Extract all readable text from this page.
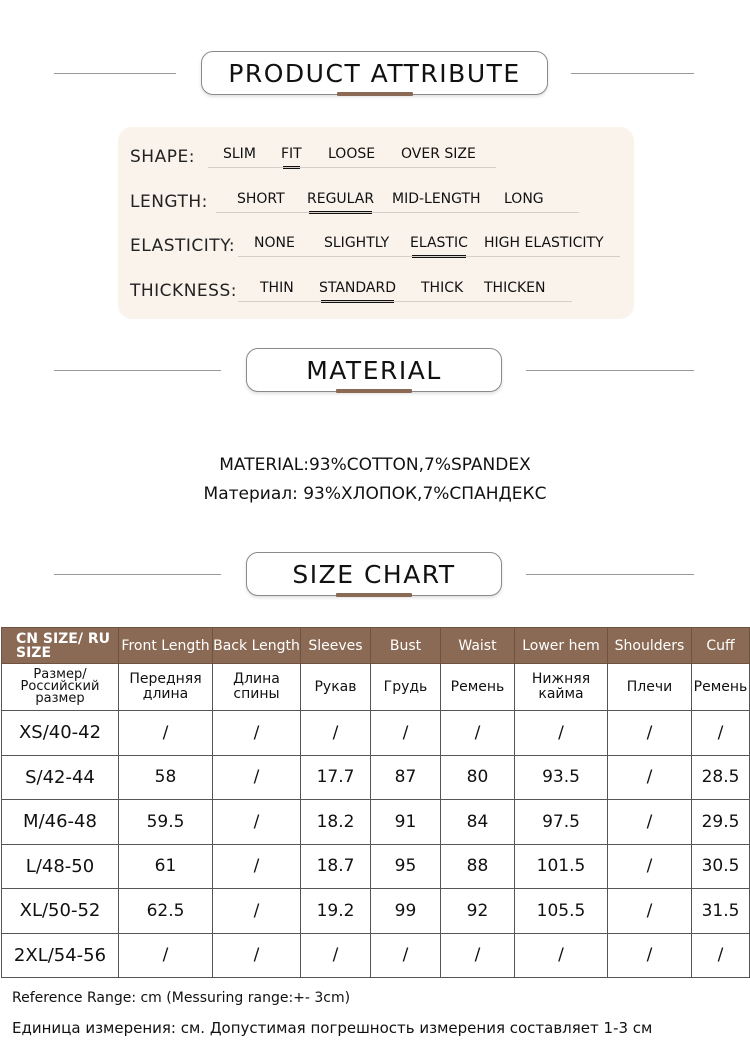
PRODUCT ATTRIBUTE
SHAPE: SLIM FIT LOOSE OVER SIZE
LENGTH: SHORT REGULAR MID-LENGTH LONG
ELASTICITY: NONE SLIGHTLY ELASTIC HIGH ELASTICITY
THICKNESS: THIN STANDARD THICK THICKEN
MATERIAL
MATERIAL:93%COTTON,7%SPANDEX
Материал: 93%ХЛОПОК,7%СПАНДЕКС
SIZE CHART
CN SIZE/ RU SIZE	Front Length	Back Length	Sleeves	Bust	Waist	Lower hem	Shoulders	Cuff
Размер/ Российский размер	Передняя длина	Длина спины	Рукав	Грудь	Ремень	Нижняя кайма	Плечи	Ремень
XS/40-42	/	/	/	/	/	/	/	/
S/42-44	58	/	17.7	87	80	93.5	/	28.5
M/46-48	59.5	/	18.2	91	84	97.5	/	29.5
L/48-50	61	/	18.7	95	88	101.5	/	30.5
XL/50-52	62.5	/	19.2	99	92	105.5	/	31.5
2XL/54-56	/	/	/	/	/	/	/	/
Reference Range: cm (Messuring range:+- 3cm)
Единица измерения: см. Допустимая погрешность измерения составляет 1-3 см
